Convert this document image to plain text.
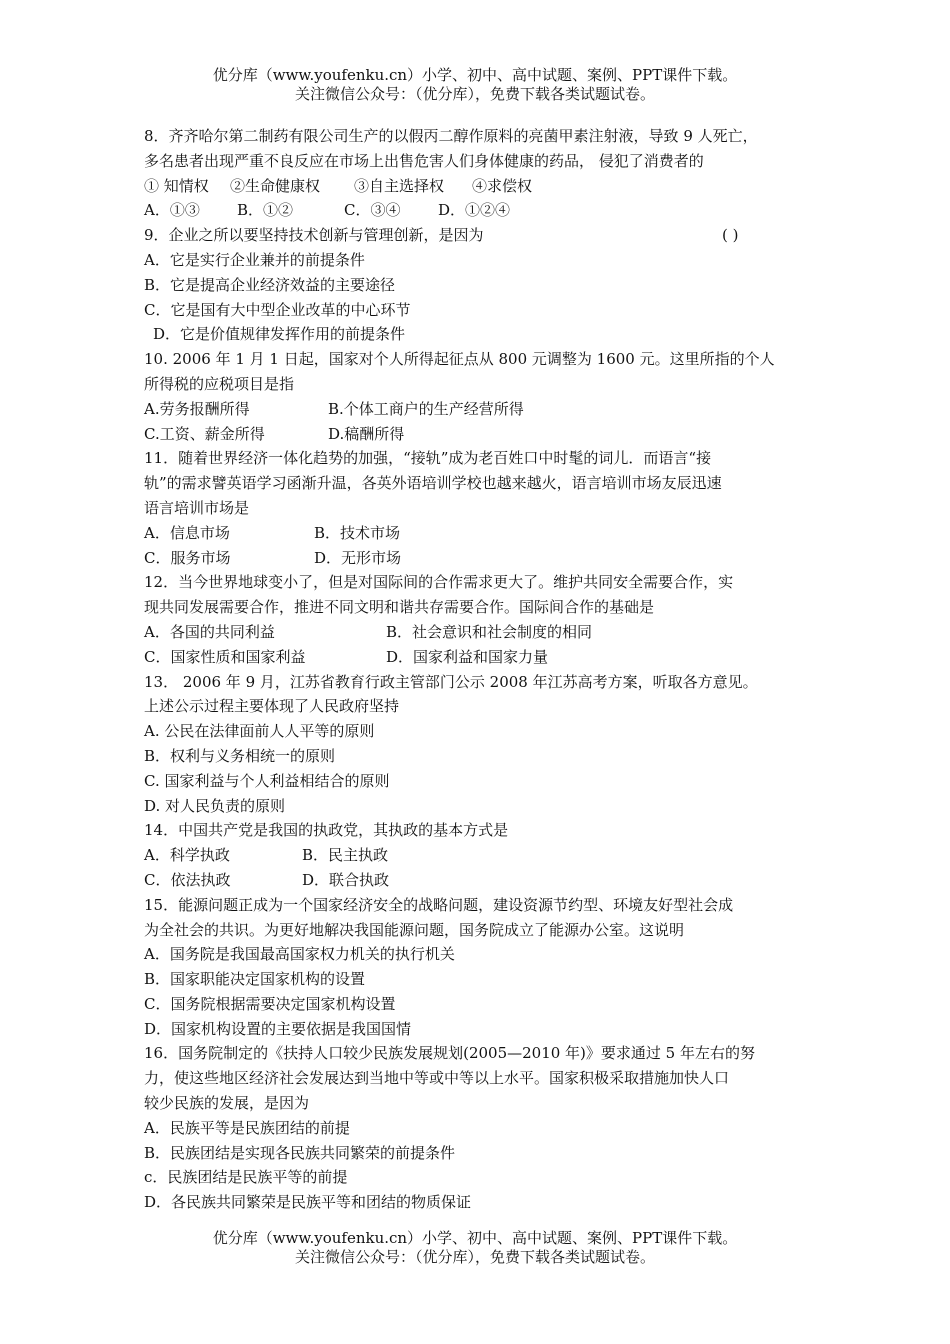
优分库（www.youfenku.cn）小学、初中、高中试题、案例、PPT课件下载。
关注微信公众号：（优分库），免费下载各类试题试卷。
8．齐齐哈尔第二制药有限公司生产的以假丙二醇作原料的亮菌甲素注射液，导致 9 人死亡，
多名患者出现严重不良反应在市场上出售危害人们身体健康的药品， 侵犯了消费者的
① 知情权 ②生命健康权 ③自主选择权 ④求偿权
A．①③ B．①②	C．③④	D．①②④
9．企业之所以要坚持技术创新与管理创新，是因为	( )
A．它是实行企业兼并的前提条件
B．它是提高企业经济效益的主要途径
C．它是国有大中型企业改革的中心环节
D．它是价值规律发挥作用的前提条件
10. 2006 年 1 月 1 日起，国家对个人所得起征点从 800 元调整为 1600 元。这里所指的个人
所得税的应税项目是指
A.劳务报酬所得	B.个体工商户的生产经营所得
C.工资、薪金所得	D.稿酬所得
11．随着世界经济一体化趋势的加强，“接轨”成为老百姓口中时髦的词儿．而语言“接
轨”的需求譬英语学习函渐升温，各英外语培训学校也越来越火，语言培训市场友辰迅速
语言培训市场是
A．信息市场	B．技术市场
C．服务市场	D．无形市场
12．当今世界地球变小了，但是对国际间的合作需求更大了。维护共同安全需要合作，实
现共同发展需要合作，推进不同文明和谐共存需要合作。国际间合作的基础是
A．各国的共同利益	B．社会意识和社会制度的相同
C．国家性质和国家利益	D．国家利益和国家力量
13． 2006 年 9 月，江苏省教育行政主管部门公示 2008 年江苏高考方案，听取各方意见。
上述公示过程主要体现了人民政府坚持
A. 公民在法律面前人人平等的原则
B．权利与义务相统一的原则
C. 国家利益与个人利益相结合的原则
D. 对人民负责的原则
14．中国共产党是我国的执政党，其执政的基本方式是
A．科学执政	B．民主执政
C．依法执政	D．联合执政
15．能源问题正成为一个国家经济安全的战略问题，建设资源节约型、环境友好型社会成
为全社会的共识。为更好地解决我国能源问题，国务院成立了能源办公室。这说明
A．国务院是我国最高国家权力机关的执行机关
B．国家职能决定国家机构的设置
C．国务院根据需要决定国家机构设置
D．国家机构设置的主要依据是我国国情
16．国务院制定的《扶持人口较少民族发展规划(2005—2010 年)》要求通过 5 年左右的努
力，使这些地区经济社会发展达到当地中等或中等以上水平。国家积极采取措施加快人口
较少民族的发展，是因为
A．民族平等是民族团结的前提
B．民族团结是实现各民族共同繁荣的前提条件
c．民族团结是民族平等的前提
D．各民族共同繁荣是民族平等和团结的物质保证
优分库（www.youfenku.cn）小学、初中、高中试题、案例、PPT课件下载。
关注微信公众号：（优分库），免费下载各类试题试卷。
